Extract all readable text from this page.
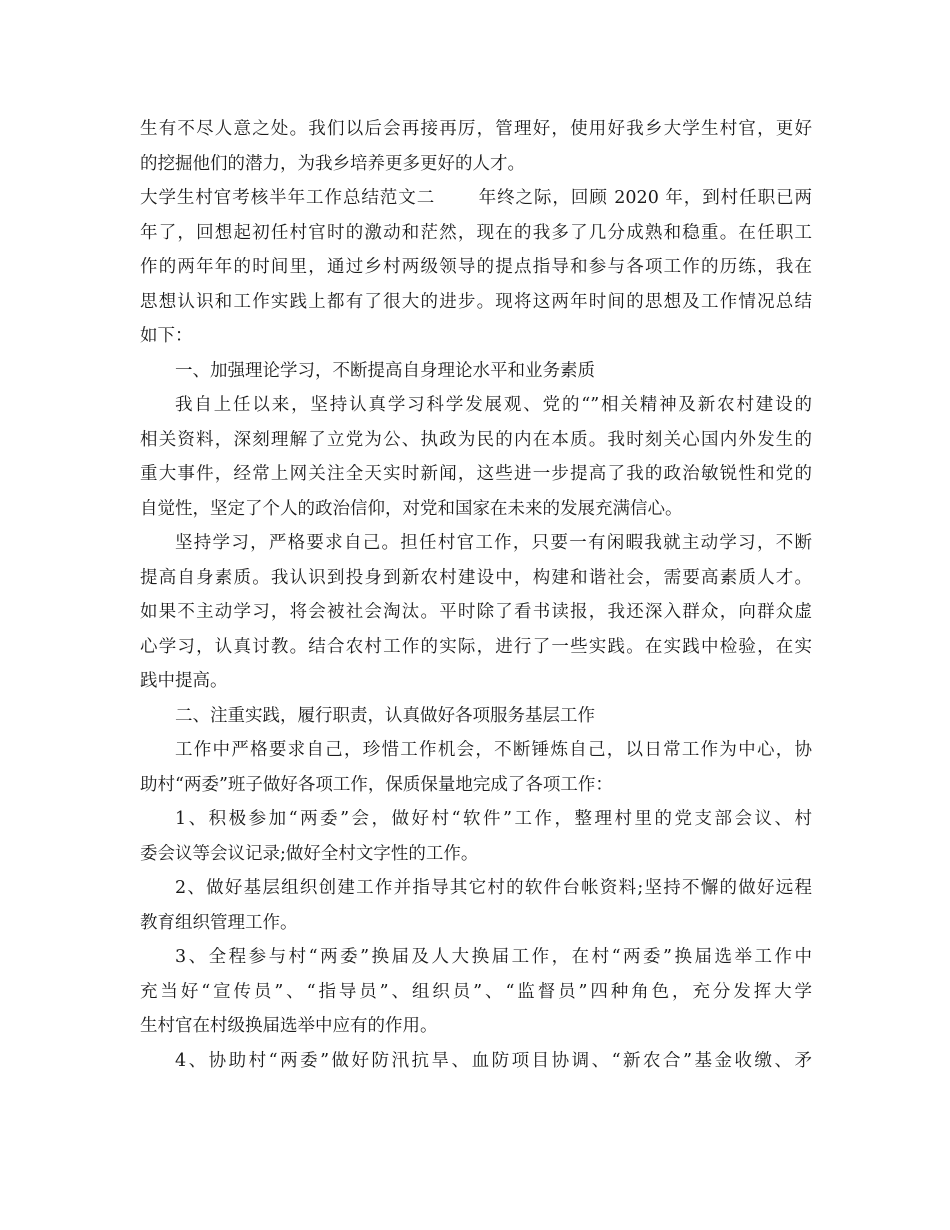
生有不尽人意之处。我们以后会再接再厉，管理好，使用好我乡大学生村官，更好
的挖掘他们的潜力，为我乡培养更多更好的人才。
大学生村官考核半年工作总结范文二　　 年终之际，回顾 2020 年，到村任职已两
年了，回想起初任村官时的激动和茫然，现在的我多了几分成熟和稳重。在任职工
作的两年年的时间里，通过乡村两级领导的提点指导和参与各项工作的历练，我在
思想认识和工作实践上都有了很大的进步。现将这两年时间的思想及工作情况总结
如下：
一、加强理论学习，不断提高自身理论水平和业务素质
我自上任以来，坚持认真学习科学发展观、党的“”相关精神及新农村建设的
相关资料，深刻理解了立党为公、执政为民的内在本质。我时刻关心国内外发生的
重大事件，经常上网关注全天实时新闻，这些进一步提高了我的政治敏锐性和党的
自觉性，坚定了个人的政治信仰，对党和国家在未来的发展充满信心。
坚持学习，严格要求自己。担任村官工作，只要一有闲暇我就主动学习，不断
提高自身素质。我认识到投身到新农村建设中，构建和谐社会，需要高素质人才。
如果不主动学习，将会被社会淘汰。平时除了看书读报，我还深入群众，向群众虚
心学习，认真讨教。结合农村工作的实际，进行了一些实践。在实践中检验，在实
践中提高。
二、注重实践，履行职责，认真做好各项服务基层工作
工作中严格要求自己，珍惜工作机会，不断锤炼自己，以日常工作为中心，协
助村“两委”班子做好各项工作，保质保量地完成了各项工作：
1、积极参加“两委”会，做好村“软件”工作，整理村里的党支部会议、村
委会议等会议记录;做好全村文字性的工作。
2、做好基层组织创建工作并指导其它村的软件台帐资料;坚持不懈的做好远程
教育组织管理工作。
3、全程参与村“两委”换届及人大换届工作，在村“两委”换届选举工作中
充当好“宣传员”、“指导员”、组织员”、“监督员”四种角色，充分发挥大学
生村官在村级换届选举中应有的作用。
4、协助村“两委”做好防汛抗旱、血防项目协调、“新农合”基金收缴、矛
